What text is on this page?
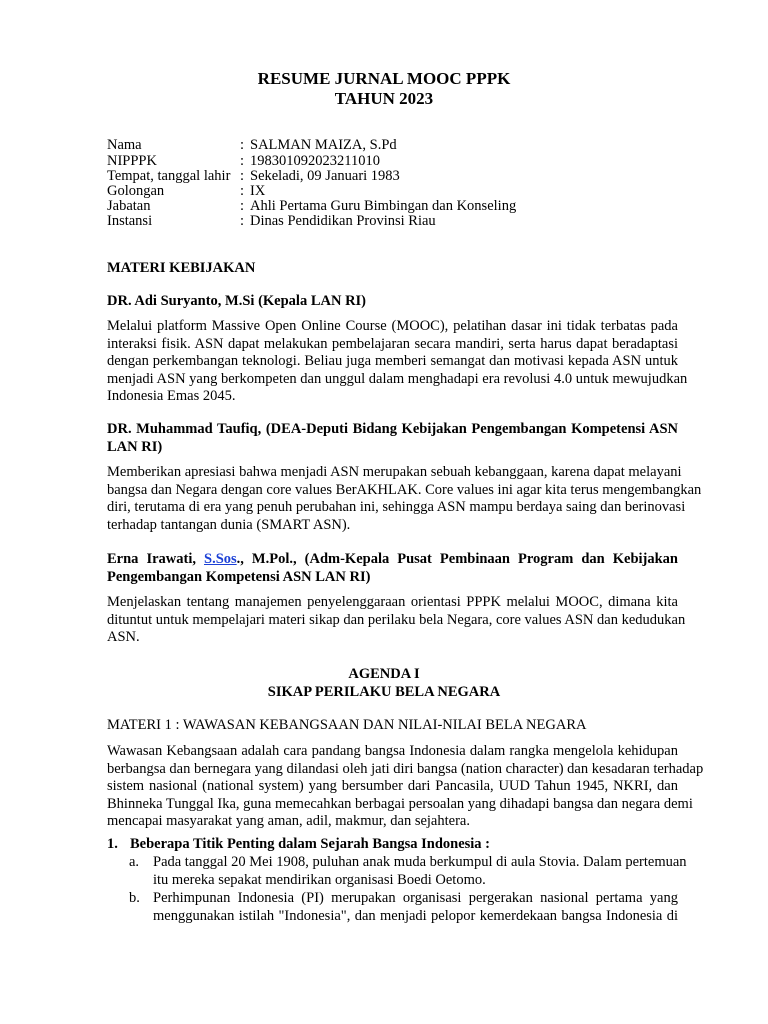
RESUME JURNAL MOOC PPPK
TAHUN 2023
Nama	: SALMAN MAIZA, S.Pd
NIPPPK	: 198301092023211010
Tempat, tanggal lahir : Sekeladi, 09 Januari 1983
Golongan	: IX
Jabatan	: Ahli Pertama Guru Bimbingan dan Konseling
Instansi	: Dinas Pendidikan Provinsi Riau
MATERI KEBIJAKAN
DR. Adi Suryanto, M.Si (Kepala LAN RI)
Melalui platform Massive Open Online Course (MOOC), pelatihan dasar ini tidak terbatas pada
interaksi fisik. ASN dapat melakukan pembelajaran secara mandiri, serta harus dapat beradaptasi
dengan perkembangan teknologi. Beliau juga memberi semangat dan motivasi kepada ASN untuk
menjadi ASN yang berkompeten dan unggul dalam menghadapi era revolusi 4.0 untuk mewujudkan
Indonesia Emas 2045.
DR. Muhammad Taufiq, (DEA-Deputi Bidang Kebijakan Pengembangan Kompetensi ASN
LAN RI)
Memberikan apresiasi bahwa menjadi ASN merupakan sebuah kebanggaan, karena dapat melayani
bangsa dan Negara dengan core values BerAKHLAK. Core values ini agar kita terus mengembangkan
diri, terutama di era yang penuh perubahan ini, sehingga ASN mampu berdaya saing dan berinovasi
terhadap tantangan dunia (SMART ASN).
Erna Irawati, S.Sos., M.Pol., (Adm-Kepala Pusat Pembinaan Program dan Kebijakan
Pengembangan Kompetensi ASN LAN RI)
Menjelaskan tentang manajemen penyelenggaraan orientasi PPPK melalui MOOC, dimana kita
dituntut untuk mempelajari materi sikap dan perilaku bela Negara, core values ASN dan kedudukan
ASN.
AGENDA I
SIKAP PERILAKU BELA NEGARA
MATERI 1 : WAWASAN KEBANGSAAN DAN NILAI-NILAI BELA NEGARA
Wawasan Kebangsaan adalah cara pandang bangsa Indonesia dalam rangka mengelola kehidupan
berbangsa dan bernegara yang dilandasi oleh jati diri bangsa (nation character) dan kesadaran terhadap
sistem nasional (national system) yang bersumber dari Pancasila, UUD Tahun 1945, NKRI, dan
Bhinneka Tunggal Ika, guna memecahkan berbagai persoalan yang dihadapi bangsa dan negara demi
mencapai masyarakat yang aman, adil, makmur, dan sejahtera.
1. Beberapa Titik Penting dalam Sejarah Bangsa Indonesia :
a. Pada tanggal 20 Mei 1908, puluhan anak muda berkumpul di aula Stovia. Dalam pertemuan
itu mereka sepakat mendirikan organisasi Boedi Oetomo.
b. Perhimpunan Indonesia (PI) merupakan organisasi pergerakan nasional pertama yang
menggunakan istilah "Indonesia", dan menjadi pelopor kemerdekaan bangsa Indonesia di
